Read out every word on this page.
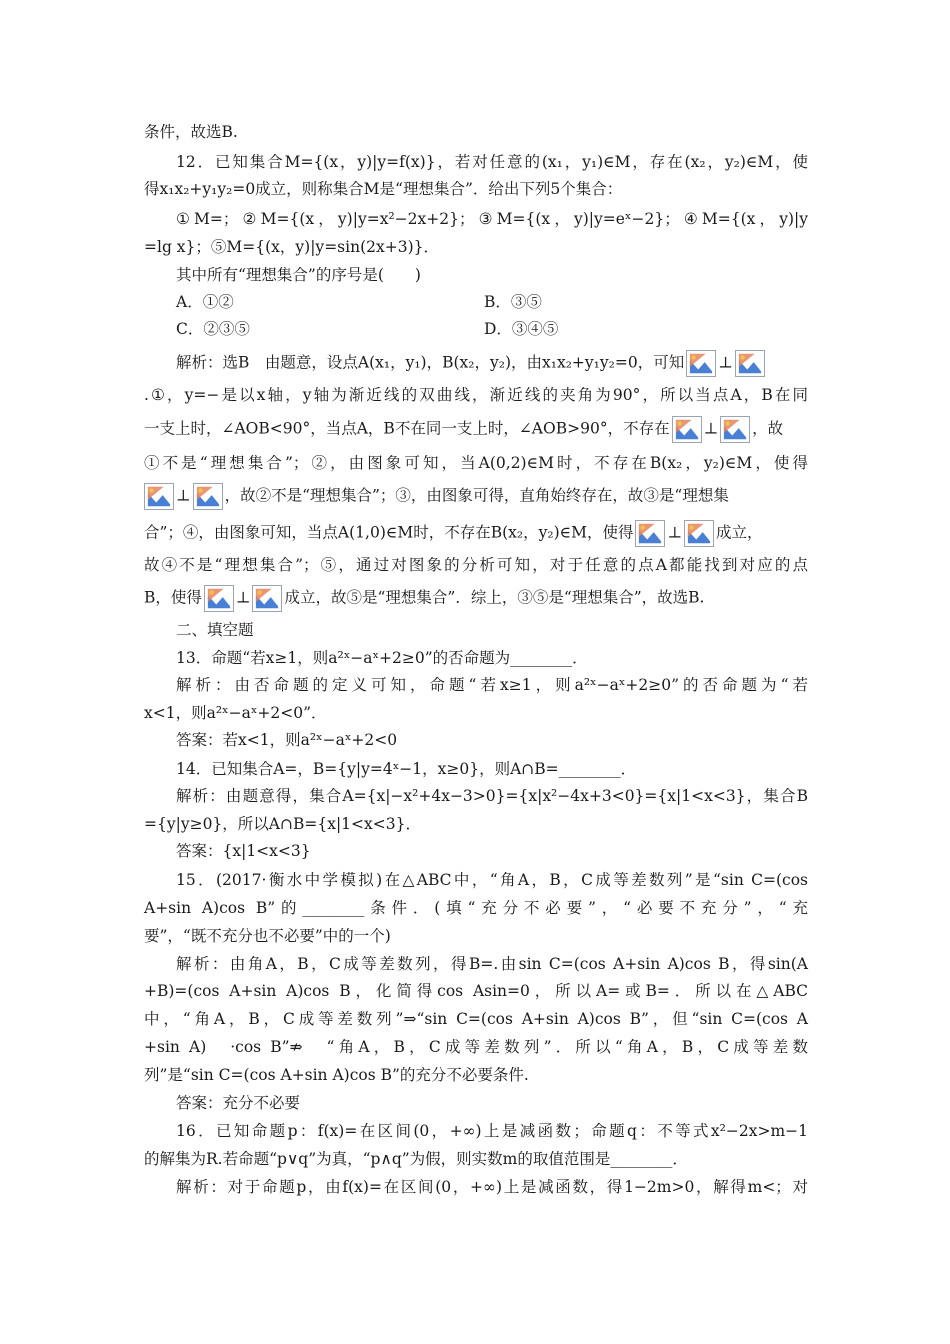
条件，故选B.
12．已知集合M={(x，y)|y=f(x)}，若对任意的(x₁，y₁)∈M，存在(x₂，y₂)∈M，使
得x₁x₂+y₁y₂=0成立，则称集合M是“理想集合”．给出下列5个集合：
①M=；②M={(x，y)|y=x²−2x+2}；③M={(x，y)|y=eˣ−2}；④M={(x，y)|y
=lg x}；⑤M={(x，y)|y=sin(2x+3)}．
其中所有“理想集合”的序号是(　　)
A．①②	B．③⑤
C．②③⑤	D．③④⑤
解析：选B　由题意，设点A(x₁，y₁)，B(x₂，y₂)，由x₁x₂+y₁y₂=0，可知 ⊥
.①，y=−是以x轴，y轴为渐近线的双曲线，渐近线的夹角为90°，所以当点A，B在同
一支上时，∠AOB<90°，当点A，B不在同一支上时，∠AOB>90°，不存在 ⊥ ，故
①不是“理想集合”；②，由图象可知，当A(0,2)∈M时，不存在B(x₂，y₂)∈M，使得
⊥ ，故②不是“理想集合”；③，由图象可得，直角始终存在，故③是“理想集
合”；④，由图象可知，当点A(1,0)∈M时，不存在B(x₂，y₂)∈M，使得 ⊥ 成立，
故④不是“理想集合”；⑤，通过对图象的分析可知，对于任意的点A都能找到对应的点
B，使得 ⊥ 成立，故⑤是“理想集合”．综上，③⑤是“理想集合”，故选B.
二、填空题
13．命题“若x≥1，则a²ˣ−aˣ+2≥0”的否命题为________．
解析：由否命题的定义可知，命题“若x≥1，则a²ˣ−aˣ+2≥0”的否命题为“若
x<1，则a²ˣ−aˣ+2<0”．
答案：若x<1，则a²ˣ−aˣ+2<0
14．已知集合A=，B={y|y=4ˣ−1，x≥0}，则A∩B=________．
解析：由题意得，集合A={x|−x²+4x−3>0}={x|x²−4x+3<0}={x|1<x<3}，集合B
={y|y≥0}，所以A∩B={x|1<x<3}．
答案：{x|1<x<3}
15．(2017·衡水中学模拟)在△ABC中，“角A，B，C成等差数列”是“sin C=(cos
A+sin A)cos B”的________条件．(填“充分不必要”，“必要不充分”，“充
要”，“既不充分也不必要”中的一个)
解析：由角A，B，C成等差数列，得B=.由sin C=(cos A+sin A)cos B，得sin(A
+B)=(cos A+sin A)cos B，化简得cos Asin=0，所以A=或B=．所以在△ABC
中，“角A，B，C成等差数列”⇒“sin C=(cos A+sin A)cos B”，但“sin C=(cos A
+sin A)　·cos B”⇏　“角A，B，C成等差数列”．所以“角A，B，C成等差数
列”是“sin C=(cos A+sin A)cos B”的充分不必要条件.
答案：充分不必要
16．已知命题p：f(x)=在区间(0，+∞)上是减函数；命题q：不等式x²−2x>m−1
的解集为R.若命题“p∨q”为真，“p∧q”为假，则实数m的取值范围是________．
解析：对于命题p，由f(x)=在区间(0，+∞)上是减函数，得1−2m>0，解得m<；对
